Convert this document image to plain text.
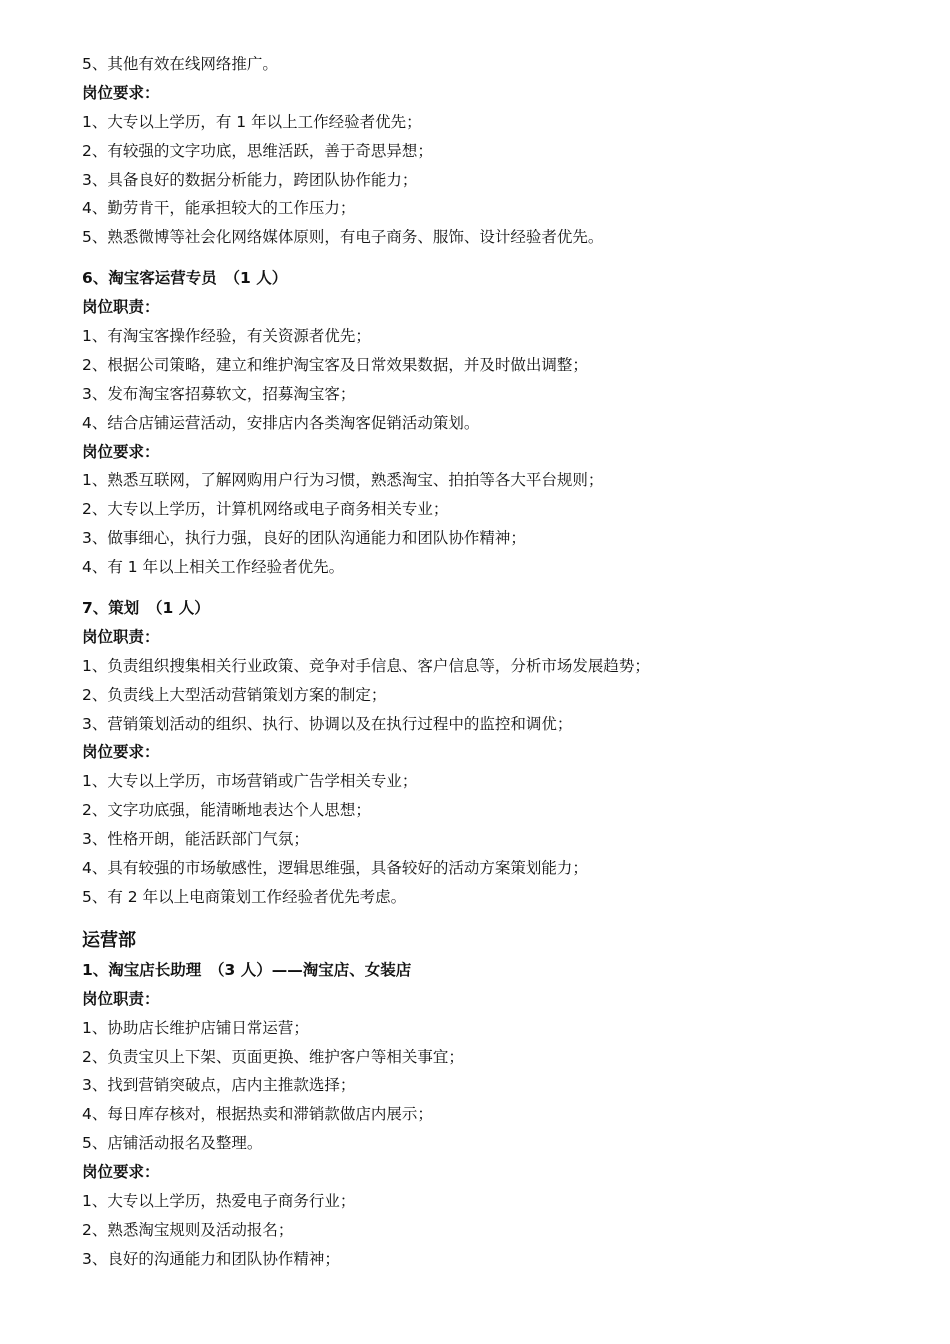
5、其他有效在线网络推广。
岗位要求：
1、大专以上学历，有 1 年以上工作经验者优先；
2、有较强的文字功底，思维活跃，善于奇思异想；
3、具备良好的数据分析能力，跨团队协作能力；
4、勤劳肯干，能承担较大的工作压力；
5、熟悉微博等社会化网络媒体原则，有电子商务、服饰、设计经验者优先。
6、淘宝客运营专员　（1 人）
岗位职责：
1、有淘宝客操作经验，有关资源者优先；
2、根据公司策略，建立和维护淘宝客及日常效果数据，并及时做出调整；
3、发布淘宝客招募软文，招募淘宝客；
4、结合店铺运营活动，安排店内各类淘客促销活动策划。
岗位要求：
1、熟悉互联网，了解网购用户行为习惯，熟悉淘宝、拍拍等各大平台规则；
2、大专以上学历，计算机网络或电子商务相关专业；
3、做事细心，执行力强，良好的团队沟通能力和团队协作精神；
4、有 1 年以上相关工作经验者优先。
7、策划　（1 人）
岗位职责：
1、负责组织搜集相关行业政策、竞争对手信息、客户信息等，分析市场发展趋势；
2、负责线上大型活动营销策划方案的制定；
3、营销策划活动的组织、执行、协调以及在执行过程中的监控和调优；
岗位要求：
1、大专以上学历，市场营销或广告学相关专业；
2、文字功底强，能清晰地表达个人思想；
3、性格开朗，能活跃部门气氛；
4、具有较强的市场敏感性，逻辑思维强，具备较好的活动方案策划能力；
5、有 2 年以上电商策划工作经验者优先考虑。
运营部
1、淘宝店长助理　（3 人）——淘宝店、女装店
岗位职责：
1、协助店长维护店铺日常运营；
2、负责宝贝上下架、页面更换、维护客户等相关事宜；
3、找到营销突破点，店内主推款选择；
4、每日库存核对，根据热卖和滞销款做店内展示；
5、店铺活动报名及整理。
岗位要求：
1、大专以上学历，热爱电子商务行业；
2、熟悉淘宝规则及活动报名；
3、良好的沟通能力和团队协作精神；
